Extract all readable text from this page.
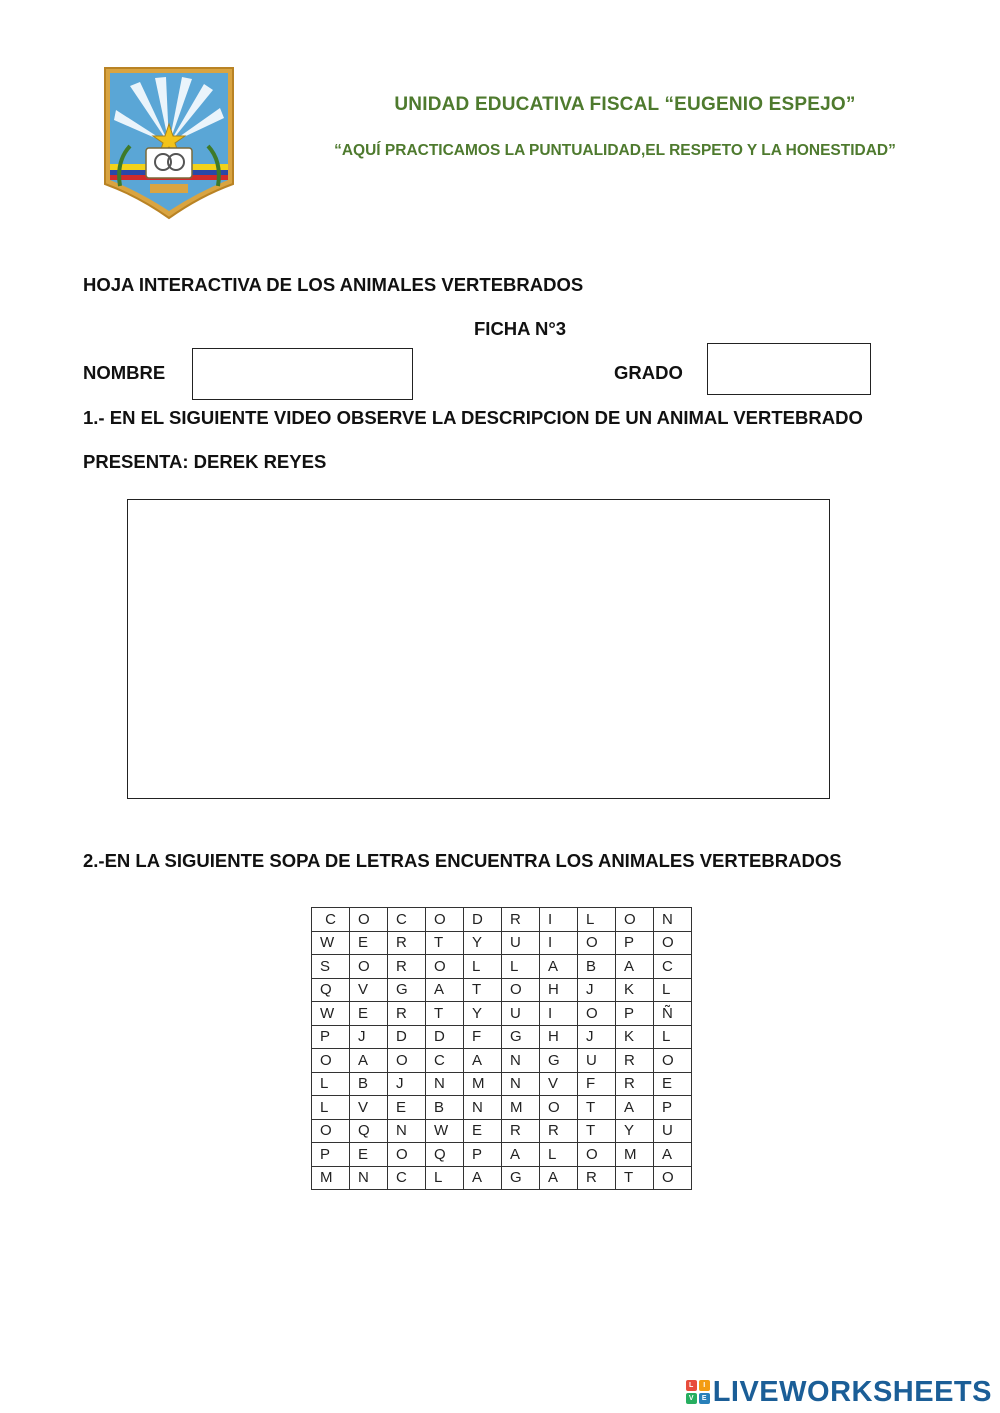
UNIDAD EDUCATIVA FISCAL “EUGENIO ESPEJO”
“AQUÍ PRACTICAMOS LA PUNTUALIDAD,EL RESPETO Y LA HONESTIDAD”
HOJA INTERACTIVA DE LOS ANIMALES VERTEBRADOS
FICHA N°3
NOMBRE	GRADO
1.- EN EL SIGUIENTE VIDEO OBSERVE LA DESCRIPCION DE UN ANIMAL VERTEBRADO
PRESENTA: DEREK REYES
2.-EN LA SIGUIENTE SOPA DE LETRAS ENCUENTRA LOS ANIMALES VERTEBRADOS
C	O	C	O	D	R	I	L	O	N
W	E	R	T	Y	U	I	O	P	O
S	O	R	O	L	L	A	B	A	C
Q	V	G	A	T	O	H	J	K	L
W	E	R	T	Y	U	I	O	P	Ñ
P	J	D	D	F	G	H	J	K	L
O	A	O	C	A	N	G	U	R	O
L	B	J	N	M	N	V	F	R	E
L	V	E	B	N	M	O	T	A	P
O	Q	N	W	E	R	R	T	Y	U
P	E	O	Q	P	A	L	O	M	A
M	N	C	L	A	G	A	R	T	O
L	I
V	E LIVEWORKSHEETS
